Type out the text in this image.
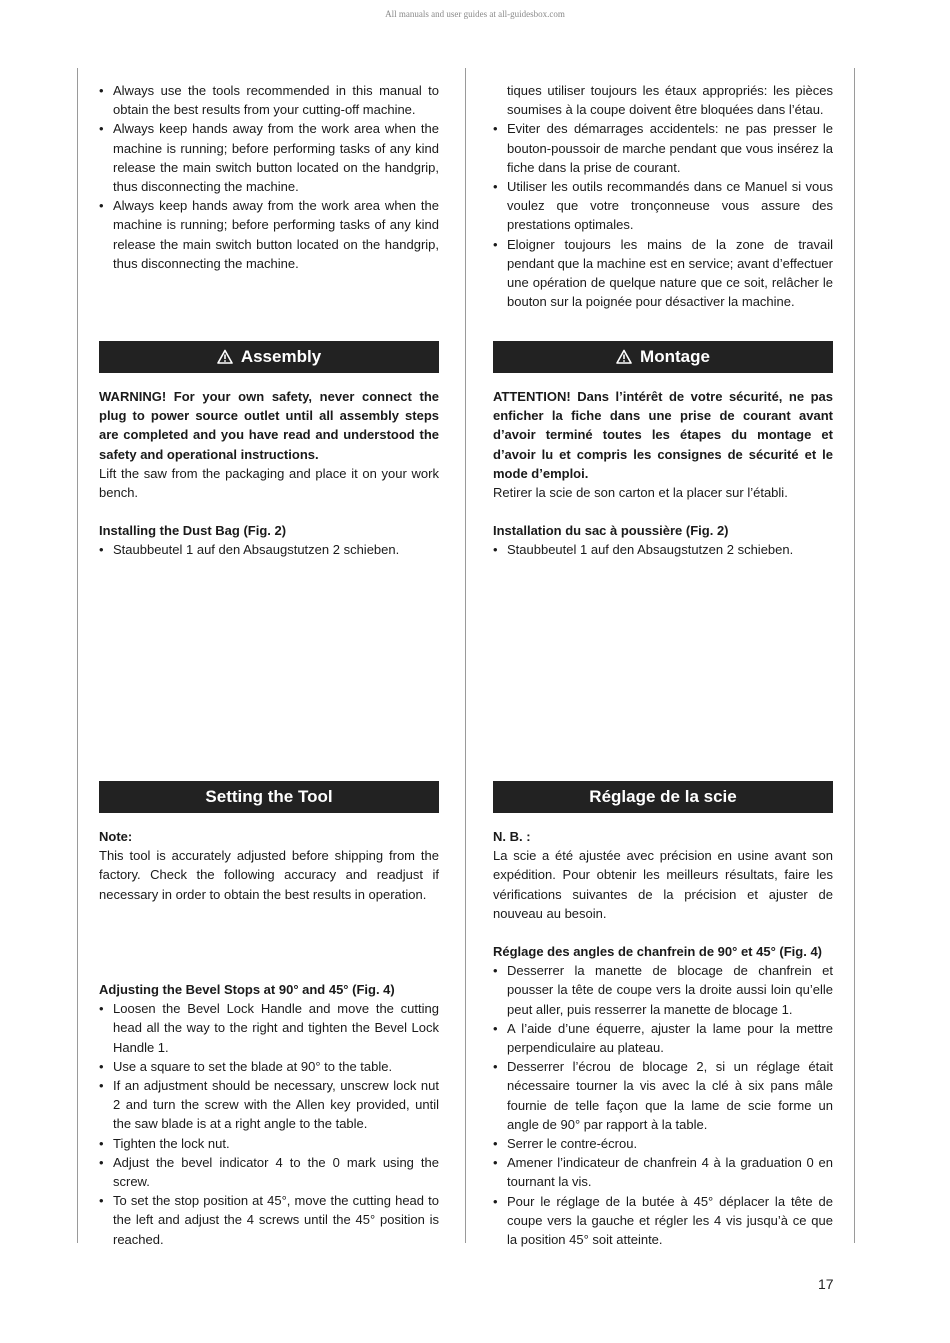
All manuals and user guides at all-guidesbox.com
• Always use the tools recommended in this manual to obtain the best results from your cutting-off machine.
• Always keep hands away from the work area when the machine is running; before performing tasks of any kind release the main switch button located on the handgrip, thus disconnecting the machine.
• Always keep hands away from the work area when the machine is running; before performing tasks of any kind release the main switch button located on the handgrip, thus disconnecting the machine.
Assembly

WARNING! For your own safety, never connect the plug to power source outlet until all assembly steps are completed and you have read and understood the safety and operational instructions.

Lift the saw from the packaging and place it on your work bench.

Installing the Dust Bag (Fig. 2)

• Staubbeutel 1 auf den Absaugstutzen 2 schieben.
Setting the Tool

Note:

This tool is accurately adjusted before shipping from the factory. Check the following accuracy and readjust if necessary in order to obtain the best results in operation.

Adjusting the Bevel Stops at 90° and 45° (Fig. 4)

• Loosen the Bevel Lock Handle and move the cutting head all the way to the right and tighten the Bevel Lock Handle 1.
• Use a square to set the blade at 90° to the table.
• If an adjustment should be necessary, unscrew lock nut 2 and turn the screw with the Allen key provided, until the saw blade is at a right angle to the table.
• Tighten the lock nut.
• Adjust the bevel indicator 4 to the 0 mark using the screw.
• To set the stop position at 45°, move the cutting head to the left and adjust the 4 screws until the 45° position is reached.

tiques utiliser toujours les étaux appropriés: les pièces soumises à la coupe doivent être bloquées dans l’étau.

• Eviter des démarrages accidentels: ne pas presser le bouton-poussoir de marche pendant que vous insérez la fiche dans la prise de courant.
• Utiliser les outils recommandés dans ce Manuel si vous voulez que votre tronçonneuse vous assure des prestations optimales.
• Eloigner toujours les mains de la zone de travail pendant que la machine est en service; avant d’effectuer une opération de quelque nature que ce soit, relâcher le bouton sur la poignée pour désactiver la machine.
Montage

ATTENTION! Dans l’intérêt de votre sécurité, ne pas enficher la fiche dans une prise de courant avant d’avoir terminé toutes les étapes du montage et d’avoir lu et compris les consignes de sécurité et le mode d’emploi.

Retirer la scie de son carton et la placer sur l’établi.

Installation du sac à poussière (Fig. 2)

• Staubbeutel 1 auf den Absaugstutzen 2 schieben.
Réglage de la scie

N. B. :

La scie a été ajustée avec précision en usine avant son expédition. Pour obtenir les meilleurs résultats, faire les vérifications suivantes de la précision et ajuster de nouveau au besoin.

Réglage des angles de chanfrein de 90° et 45° (Fig. 4)

• Desserrer la manette de blocage de chanfrein et pousser la tête de coupe vers la droite aussi loin qu’elle peut aller, puis resserrer la manette de blocage 1.
• A l’aide d’une équerre, ajuster la lame pour la mettre perpendiculaire au plateau.
• Desserrer l’écrou de blocage 2, si un réglage était nécessaire tourner la vis avec la clé à six pans mâle fournie de telle façon que la lame de scie forme un angle de 90° par rapport à la table.
• Serrer le contre-écrou.
• Amener l’indicateur de chanfrein 4 à la graduation 0 en tournant la vis.
• Pour le réglage de la butée à 45° déplacer la tête de coupe vers la gauche et régler les 4 vis jusqu’à ce que la position 45° soit atteinte.
17
